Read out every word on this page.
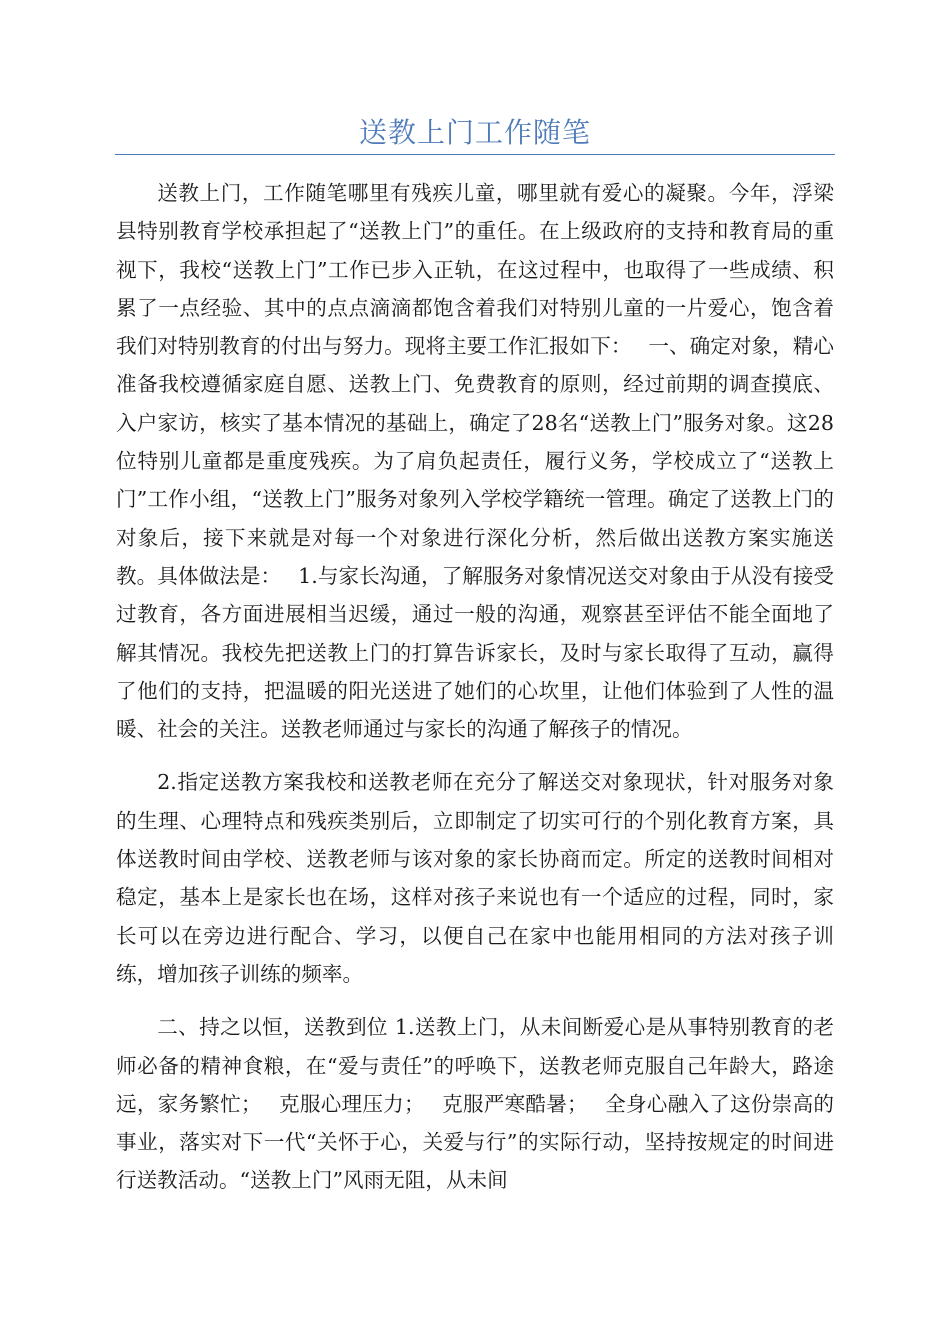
送教上门工作随笔

送教上门，工作随笔哪里有残疾儿童，哪里就有爱心的凝聚。今年，浮梁县特别教育学校承担起了“送教上门”的重任。在上级政府的支持和教育局的重视下，我校“送教上门”工作已步入正轨，在这过程中，也取得了一些成绩、积累了一点经验、其中的点点滴滴都饱含着我们对特别儿童的一片爱心，饱含着我们对特别教育的付出与努力。现将主要工作汇报如下：　 一、确定对象，精心准备我校遵循家庭自愿、送教上门、免费教育的原则，经过前期的调查摸底、入户家访，核实了基本情况的基础上，确定了28名“送教上门”服务对象。这28位特别儿童都是重度残疾。为了肩负起责任，履行义务，学校成立了“送教上门”工作小组，“送教上门”服务对象列入学校学籍统一管理。确定了送教上门的对象后，接下来就是对每一个对象进行深化分析，然后做出送教方案实施送教。具体做法是：　 1.与家长沟通，了解服务对象情况送交对象由于从没有接受过教育，各方面进展相当迟缓，通过一般的沟通，观察甚至评估不能全面地了解其情况。我校先把送教上门的打算告诉家长，及时与家长取得了互动，赢得了他们的支持，把温暖的阳光送进了她们的心坎里，让他们体验到了人性的温暖、社会的关注。送教老师通过与家长的沟通了解孩子的情况。

2.指定送教方案我校和送教老师在充分了解送交对象现状，针对服务对象的生理、心理特点和残疾类别后，立即制定了切实可行的个别化教育方案，具体送教时间由学校、送教老师与该对象的家长协商而定。所定的送教时间相对稳定，基本上是家长也在场，这样对孩子来说也有一个适应的过程，同时，家长可以在旁边进行配合、学习，以便自己在家中也能用相同的方法对孩子训练，增加孩子训练的频率。

二、持之以恒，送教到位 1.送教上门，从未间断爱心是从事特别教育的老师必备的精神食粮，在“爱与责任”的呼唤下，送教老师克服自己年龄大，路途远，家务繁忙；　 克服心理压力；　 克服严寒酷暑；　 全身心融入了这份崇高的事业，落实对下一代“关怀于心，关爱与行”的实际行动，坚持按规定的时间进行送教活动。“送教上门”风雨无阻，从未间
